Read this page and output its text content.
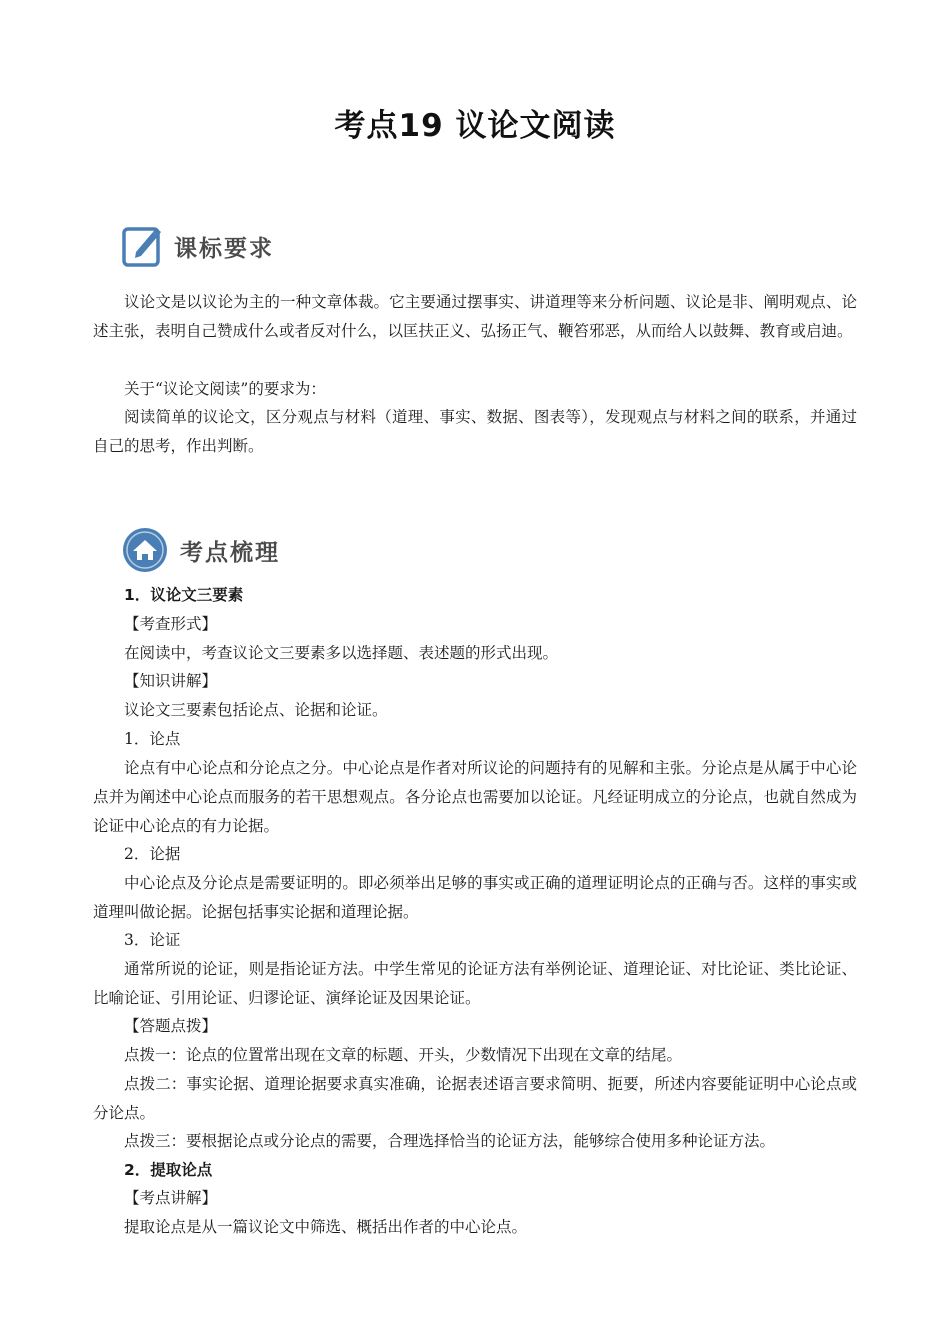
考点19 议论文阅读
课标要求

议论文是以议论为主的一种文章体裁。它主要通过摆事实、讲道理等来分析问题、议论是非、阐明观点、论述主张，表明自己赞成什么或者反对什么，以匡扶正义、弘扬正气、鞭笞邪恶，从而给人以鼓舞、教育或启迪。

关于“议论文阅读”的要求为：

阅读简单的议论文，区分观点与材料（道理、事实、数据、图表等），发现观点与材料之间的联系，并通过自己的思考，作出判断。

考点梳理
1．议论文三要素
【考查形式】
在阅读中，考查议论文三要素多以选择题、表述题的形式出现。
【知识讲解】
议论文三要素包括论点、论据和论证。
1．论点

论点有中心论点和分论点之分。中心论点是作者对所议论的问题持有的见解和主张。分论点是从属于中心论点并为阐述中心论点而服务的若干思想观点。各分论点也需要加以论证。凡经证明成立的分论点，也就自然成为论证中心论点的有力论据。

2．论据

中心论点及分论点是需要证明的。即必须举出足够的事实或正确的道理证明论点的正确与否。这样的事实或道理叫做论据。论据包括事实论据和道理论据。

3．论证

通常所说的论证，则是指论证方法。中学生常见的论证方法有举例论证、道理论证、对比论证、类比论证、比喻论证、引用论证、归谬论证、演绎论证及因果论证。

【答题点拨】
点拨一：论点的位置常出现在文章的标题、开头，少数情况下出现在文章的结尾。

点拨二：事实论据、道理论据要求真实准确，论据表述语言要求简明、扼要，所述内容要能证明中心论点或分论点。

点拨三：要根据论点或分论点的需要，合理选择恰当的论证方法，能够综合使用多种论证方法。
2．提取论点
【考点讲解】
提取论点是从一篇议论文中筛选、概括出作者的中心论点。
